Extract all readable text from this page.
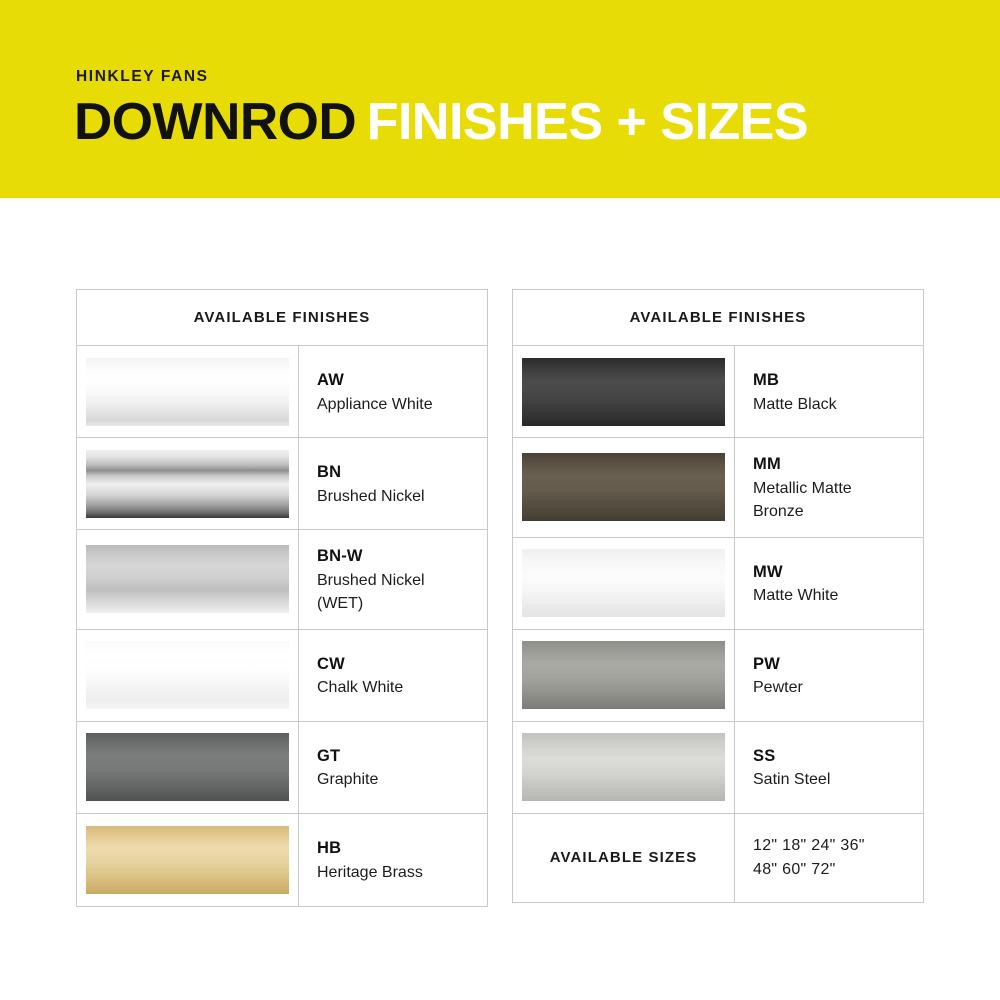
HINKLEY FANS
DOWNROD FINISHES + SIZES
AVAILABLE FINISHES
AW
Appliance White
BN
Brushed Nickel
BN-W
Brushed Nickel
(WET)
CW
Chalk White
GT
Graphite
HB
Heritage Brass
AVAILABLE FINISHES
MB
Matte Black
MM
Metallic Matte
Bronze
MW
Matte White
PW
Pewter
SS
Satin Steel
AVAILABLE SIZES
12" 18" 24" 36"
48" 60" 72"
